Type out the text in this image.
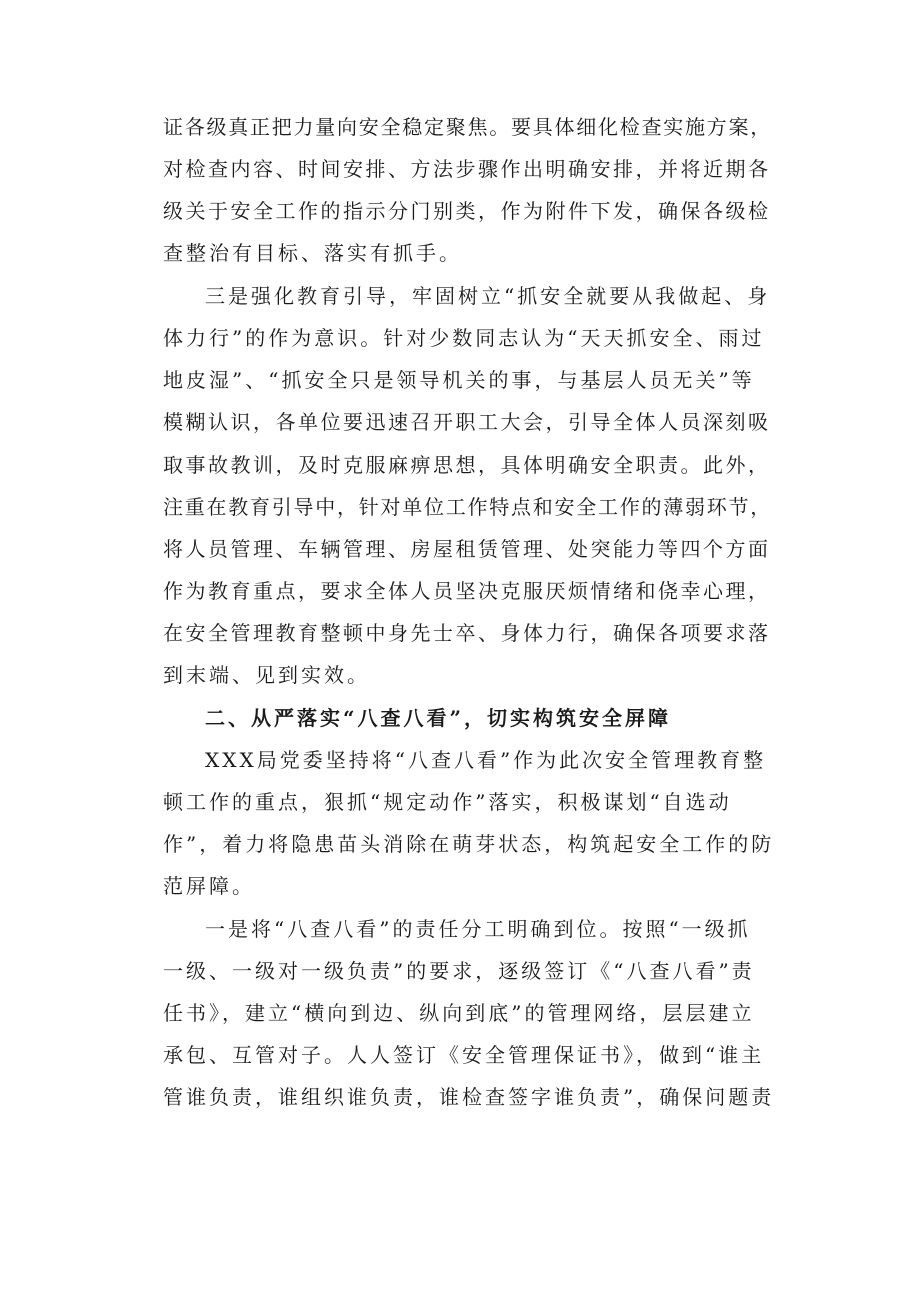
证各级真正把力量向安全稳定聚焦。要具体细化检查实施方案，
对检查内容、时间安排、方法步骤作出明确安排，并将近期各
级关于安全工作的指示分门别类，作为附件下发，确保各级检
查整治有目标、落实有抓手。
三是强化教育引导，牢固树立“抓安全就要从我做起、身
体力行”的作为意识。针对少数同志认为“天天抓安全、雨过
地皮湿”、“抓安全只是领导机关的事，与基层人员无关”等
模糊认识，各单位要迅速召开职工大会，引导全体人员深刻吸
取事故教训，及时克服麻痹思想，具体明确安全职责。此外，
注重在教育引导中，针对单位工作特点和安全工作的薄弱环节，
将人员管理、车辆管理、房屋租赁管理、处突能力等四个方面
作为教育重点，要求全体人员坚决克服厌烦情绪和侥幸心理，
在安全管理教育整顿中身先士卒、身体力行，确保各项要求落
到末端、见到实效。
二、从严落实“八查八看”，切实构筑安全屏障
XXX局党委坚持将“八查八看”作为此次安全管理教育整
顿工作的重点，狠抓“规定动作”落实，积极谋划“自选动
作”，着力将隐患苗头消除在萌芽状态，构筑起安全工作的防
范屏障。
一是将“八查八看”的责任分工明确到位。按照“一级抓
一级、一级对一级负责”的要求，逐级签订《“八查八看”责
任书》，建立“横向到边、纵向到底”的管理网络，层层建立
承包、互管对子。人人签订《安全管理保证书》，做到“谁主
管谁负责，谁组织谁负责，谁检查签字谁负责”，确保问题责
